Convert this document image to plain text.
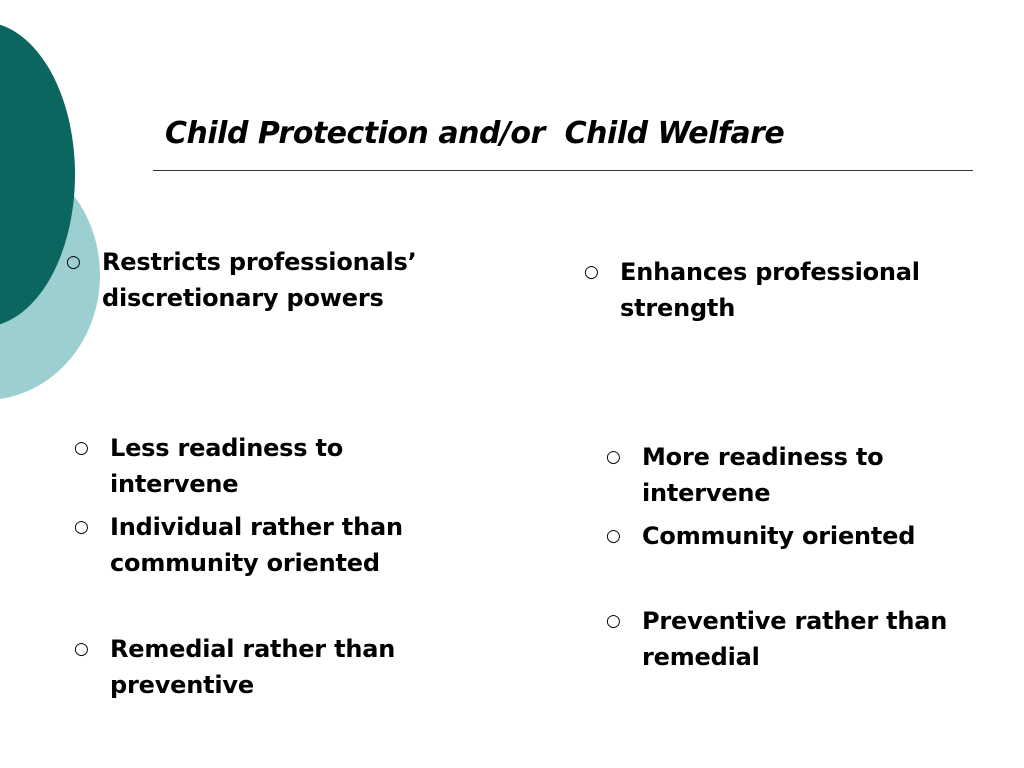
Child Protection and/or  Child Welfare
○ Restricts professionals’ discretionary powers
○ Less readiness to intervene
○ Individual rather than community oriented
○ Remedial rather than preventive
○ Enhances professional strength
○ More readiness to intervene
○ Community oriented
○ Preventive rather than remedial
